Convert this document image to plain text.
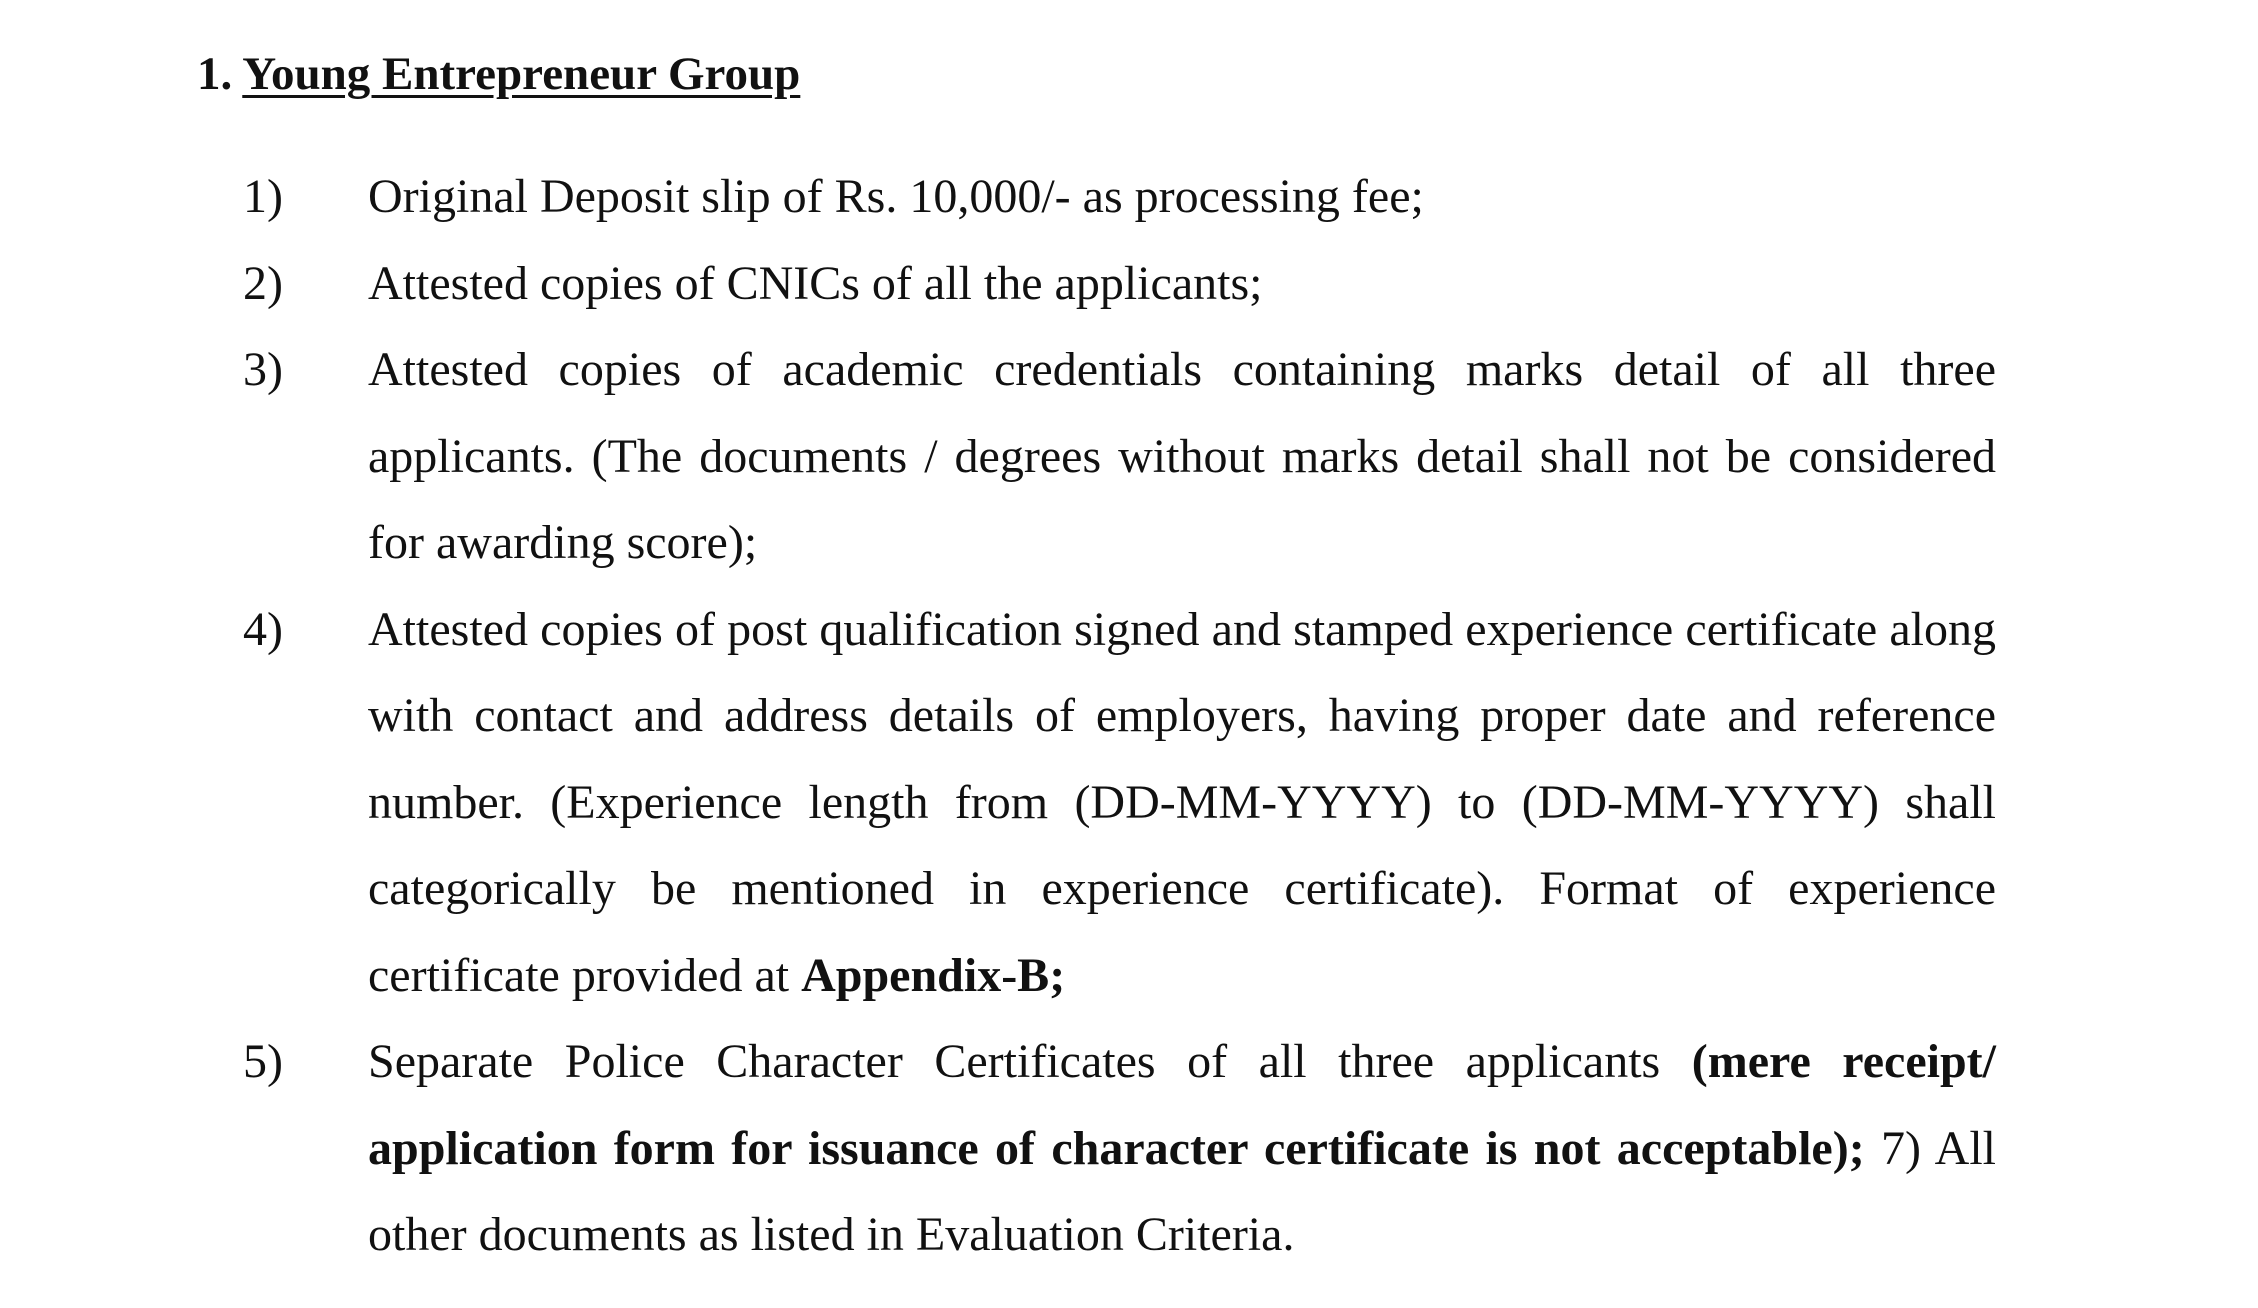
1. Young Entrepreneur Group
1) Original Deposit slip of Rs. 10,000/- as processing fee;
2) Attested copies of CNICs of all the applicants;
3) Attested copies of academic credentials containing marks detail of all three applicants. (The documents / degrees without marks detail shall not be considered for awarding score);
4) Attested copies of post qualification signed and stamped experience certificate along with contact and address details of employers, having proper date and reference number. (Experience length from (DD-MM-YYYY) to (DD-MM-YYYY) shall categorically be mentioned in experience certificate). Format of experience certificate provided at Appendix-B;
5) Separate Police Character Certificates of all three applicants (mere receipt/ application form for issuance of character certificate is not acceptable); 7) All other documents as listed in Evaluation Criteria.
